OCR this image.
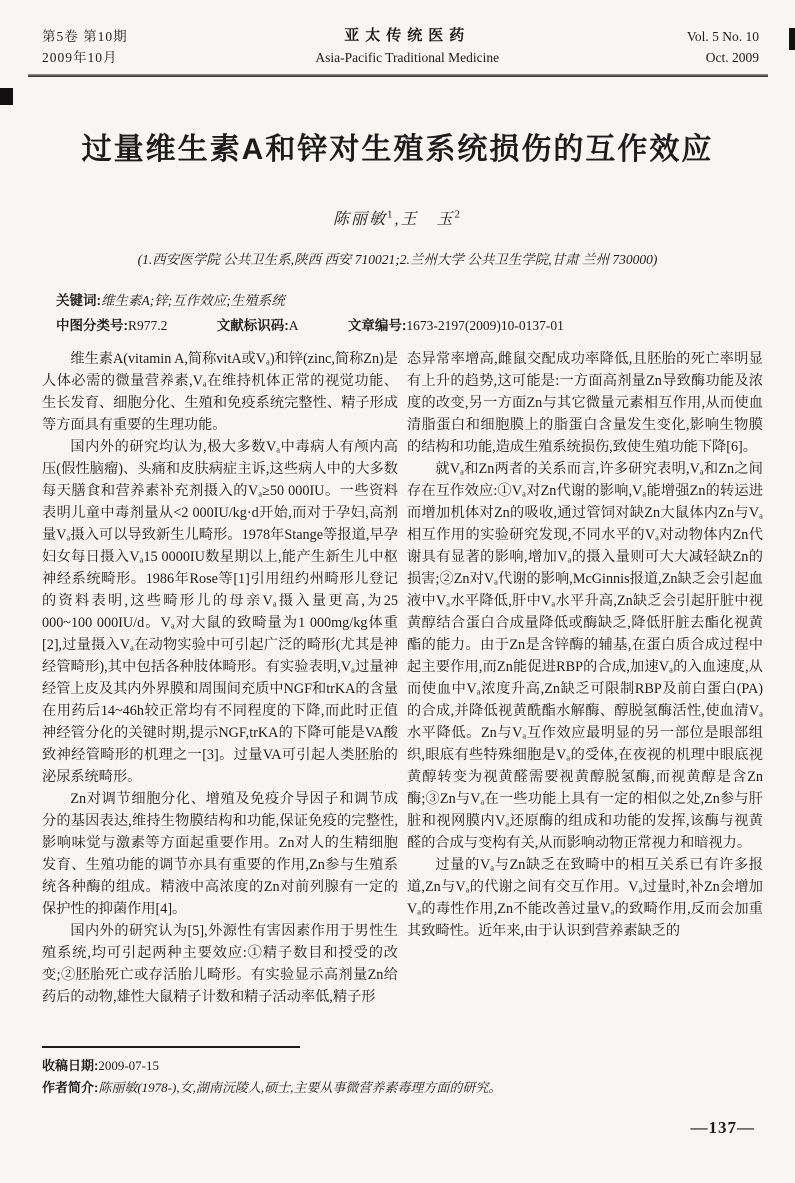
第5卷 第10期
2009年10月
亚太传统医药
Asia-Pacific Traditional Medicine
Vol. 5 No. 10
Oct. 2009
过量维生素A和锌对生殖系统损伤的互作效应
陈丽敏$^1$,王　玉$^2$
(1.西安医学院 公共卫生系,陕西 西安 710021;2.兰州大学 公共卫生学院,甘肃 兰州 730000)
关键词:维生素A;锌;互作效应;生殖系统
中图分类号:R977.2	文献标识码:A	文章编号:1673-2197(2009)10-0137-01

维生素A(vitamin A,简称vitA或Vₐ)和锌(zinc,简称Zn)是人体必需的微量营养素,Vₐ在维持机体正常的视觉功能、生长发育、细胞分化、生殖和免疫系统完整性、精子形成等方面具有重要的生理功能。

国内外的研究均认为,极大多数Vₐ中毒病人有颅内高压(假性脑瘤)、头痛和皮肤病症主诉,这些病人中的大多数每天膳食和营养素补充剂摄入的Vₐ≥50 000IU。一些资料表明儿童中毒剂量从<2 000IU/kg·d开始,而对于孕妇,高剂量Vₐ摄入可以导致新生儿畸形。1978年Stange等报道,早孕妇女每日摄入Vₐ15 0000IU数星期以上,能产生新生儿中枢神经系统畸形。1986年Rose等[1]引用纽约州畸形儿登记的资料表明,这些畸形儿的母亲Vₐ摄入量更高,为25 000~100 000IU/d。Vₐ对大鼠的致畸量为1 000mg/kg体重[2],过量摄入Vₐ在动物实验中可引起广泛的畸形(尤其是神经管畸形),其中包括各种肢体畸形。有实验表明,Vₐ过量神经管上皮及其内外界膜和周围间充质中NGF和trKA的含量在用药后14~46h较正常均有不同程度的下降,而此时正值神经管分化的关键时期,提示NGF,trKA的下降可能是VA酸致神经管畸形的机理之一[3]。过量VA可引起人类胚胎的泌尿系统畸形。

Zn对调节细胞分化、增殖及免疫介导因子和调节成分的基因表达,维持生物膜结构和功能,保证免疫的完整性,影响味觉与激素等方面起重要作用。Zn对人的生精细胞发育、生殖功能的调节亦具有重要的作用,Zn参与生殖系统各种酶的组成。精液中高浓度的Zn对前列腺有一定的保护性的抑菌作用[4]。

国内外的研究认为[5],外源性有害因素作用于男性生殖系统,均可引起两种主要效应:①精子数目和授受的改变;②胚胎死亡或存活胎儿畸形。有实验显示高剂量Zn给药后的动物,雄性大鼠精子计数和精子活动率低,精子形

态异常率增高,雌鼠交配成功率降低,且胚胎的死亡率明显有上升的趋势,这可能是:一方面高剂量Zn导致酶功能及浓度的改变,另一方面Zn与其它微量元素相互作用,从而使血清脂蛋白和细胞膜上的脂蛋白含量发生变化,影响生物膜的结构和功能,造成生殖系统损伤,致使生殖功能下降[6]。

就Vₐ和Zn两者的关系而言,许多研究表明,Vₐ和Zn之间存在互作效应:①Vₐ对Zn代谢的影响,Vₐ能增强Zn的转运进而增加机体对Zn的吸收,通过管饲对缺Zn大鼠体内Zn与Vₐ相互作用的实验研究发现,不同水平的Vₐ对动物体内Zn代谢具有显著的影响,增加Vₐ的摄入量则可大大减轻缺Zn的损害;②Zn对Vₐ代谢的影响,McGinnis报道,Zn缺乏会引起血液中Vₐ水平降低,肝中Vₐ水平升高,Zn缺乏会引起肝脏中视黄醇结合蛋白合成量降低或酶缺乏,降低肝脏去酯化视黄酯的能力。由于Zn是含锌酶的辅基,在蛋白质合成过程中起主要作用,而Zn能促进RBP的合成,加速Vₐ的入血速度,从而使血中Vₐ浓度升高,Zn缺乏可限制RBP及前白蛋白(PA)的合成,并降低视黄酰酯水解酶、醇脱氢酶活性,使血清Vₐ水平降低。Zn与Vₐ互作效应最明显的另一部位是眼部组织,眼底有些特殊细胞是Vₐ的受体,在夜视的机理中眼底视黄醇转变为视黄醛需要视黄醇脱氢酶,而视黄醇是含Zn酶;③Zn与Vₐ在一些功能上具有一定的相似之处,Zn参与肝脏和视网膜内Vₐ还原酶的组成和功能的发挥,该酶与视黄醛的合成与变构有关,从而影响动物正常视力和暗视力。

过量的Vₐ与Zn缺乏在致畸中的相互关系已有许多报道,Zn与Vₐ的代谢之间有交互作用。Vₐ过量时,补Zn会增加Vₐ的毒性作用,Zn不能改善过量Vₐ的致畸作用,反而会加重其致畸性。近年来,由于认识到营养素缺乏的

收稿日期:2009-07-15
作者简介:陈丽敏(1978-),女,湖南沅陵人,硕士,主要从事微营养素毒理方面的研究。
—137—
